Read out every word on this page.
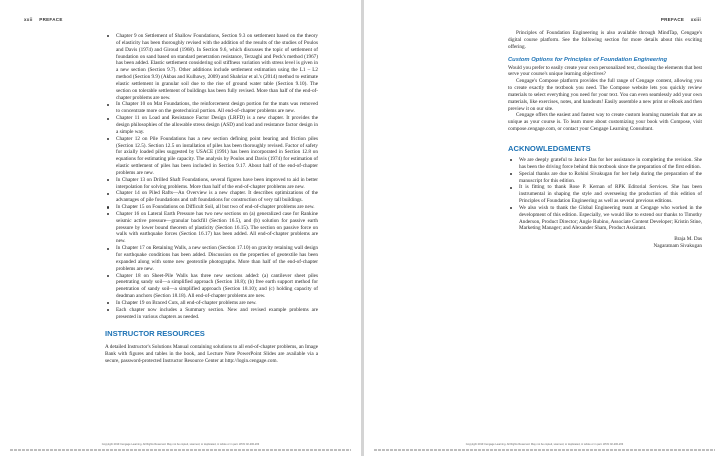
xxii PREFACE
Chapter 9 on Settlement of Shallow Foundations, Section 9.3 on settlement based on the theory of elasticity has been thoroughly revised with the addition of the results of the studies of Poulos and Davis (1974) and Giroud (1968). In Section 9.6, which discusses the topic of settlement of foundation on sand based on standard penetration resistance, Terzaghi and Peck's method (1967) has been added. Elastic settlement considering soil stiffness variation with stress level is given in a new section (Section 9.7). Other additions include settlement estimation using the L1 – L2 method (Section 9.9) (Akbas and Kulhawy, 2009) and Shahriar et al.'s (2014) method to estimate elastic settlement in granular soil due to the rise of ground water table (Section 9.10). The section on tolerable settlement of buildings has been fully revised. More than half of the end-of-chapter problems are new.
In Chapter 10 on Mat Foundations, the reinforcement design portion for the mats was removed to concentrate more on the geotechnical portion. All end-of-chapter problems are new.
Chapter 11 on Load and Resistance Factor Design (LRFD) is a new chapter. It provides the design philosophies of the allowable stress design (ASD) and load and resistance factor design in a simple way.
Chapter 12 on Pile Foundations has a new section defining point bearing and friction piles (Section 12.5). Section 12.5 on installation of piles has been thoroughly revised. Factor of safety for axially loaded piles suggested by USACE (1991) has been incorporated in Section 12.8 on equations for estimating pile capacity. The analysis by Poulos and Davis (1974) for estimation of elastic settlement of piles has been included in Section 9.17. About half of the end-of-chapter problems are new.
In Chapter 13 on Drilled Shaft Foundations, several figures have been improved to aid in better interpolation for solving problems. More than half of the end-of-chapter problems are new.
Chapter 14 on Piled Rafts—An Overview is a new chapter. It describes optimizations of the advantages of pile foundations and raft foundations for construction of very tall buildings.
In Chapter 15 on Foundations on Difficult Soil, all but two of end-of-chapter problems are new.
Chapter 16 on Lateral Earth Pressure has two new sections on (a) generalized case for Rankine seismic active pressure—granular backfill (Section 16.5), and (b) solution for passive earth pressure by lower bound theorem of plasticity (Section 16.15). The section on passive force on walls with earthquake forces (Section 16.17) has been added. All end-of-chapter problems are new.
In Chapter 17 on Retaining Walls, a new section (Section 17.10) on gravity retaining wall design for earthquake conditions has been added. Discussion on the properties of geotextile has been expanded along with some new geotextile photographs. More than half of the end-of-chapter problems are new.
Chapter 18 on Sheet-Pile Walls has three new sections added: (a) cantilever sheet piles penetrating sandy soil—a simplified approach (Section 18.8); (b) free earth support method for penetration of sandy soil—a simplified approach (Section 18.10); and (c) holding capacity of deadman anchors (Section 18.18). All end-of-chapter problems are new.
In Chapter 19 on Braced Cuts, all end-of-chapter problems are new.
Each chapter now includes a Summary section. New and revised example problems are presented in various chapters as needed.
INSTRUCTOR RESOURCES

A detailed Instructor's Solutions Manual containing solutions to all end-of-chapter problems, an Image Bank with figures and tables in the book, and Lecture Note PowerPoint Slides are available via a secure, password-protected Instructor Resource Center at http://login.cengage.com.

Copyright 2019 Cengage Learning. All Rights Reserved. May not be copied, scanned, or duplicated, in whole or in part. WCN 02-200-203
PREFACE xxiii

Principles of Foundation Engineering is also available through MindTap, Cengage's digital course platform. See the following section for more details about this exciting offering.

Custom Options for Principles of Foundation Engineering

Would you prefer to easily create your own personalized text, choosing the elements that best serve your course's unique learning objectives?

Cengage's Compose platform provides the full range of Cengage content, allowing you to create exactly the textbook you need. The Compose website lets you quickly review materials to select everything you need for your text. You can even seamlessly add your own materials, like exercises, notes, and handouts! Easily assemble a new print or eBook and then preview it on our site.

Cengage offers the easiest and fastest way to create custom learning materials that are as unique as your course is. To learn more about customizing your book with Compose, visit compose.cengage.com, or contact your Cengage Learning Consultant.

ACKNOWLEDGMENTS
We are deeply grateful to Janice Das for her assistance in completing the revision. She has been the driving force behind this textbook since the preparation of the first edition.
Special thanks are due to Rohini Sivakugan for her help during the preparation of the manuscript for this edition.
It is fitting to thank Rose P. Kernan of RPK Editorial Services. She has been instrumental in shaping the style and overseeing the production of this edition of Principles of Foundation Engineering as well as several previous editions.
We also wish to thank the Global Engineering team at Cengage who worked in the development of this edition. Especially, we would like to extend our thanks to Timothy Anderson, Product Director; Angie Rubino, Associate Content Developer; Kristin Stine, Marketing Manager; and Alexander Sham, Product Assistant.

Braja M. Das

Nagaratnam Sivakugan

Copyright 2019 Cengage Learning. All Rights Reserved. May not be copied, scanned, or duplicated, in whole or in part. WCN 02-200-203
